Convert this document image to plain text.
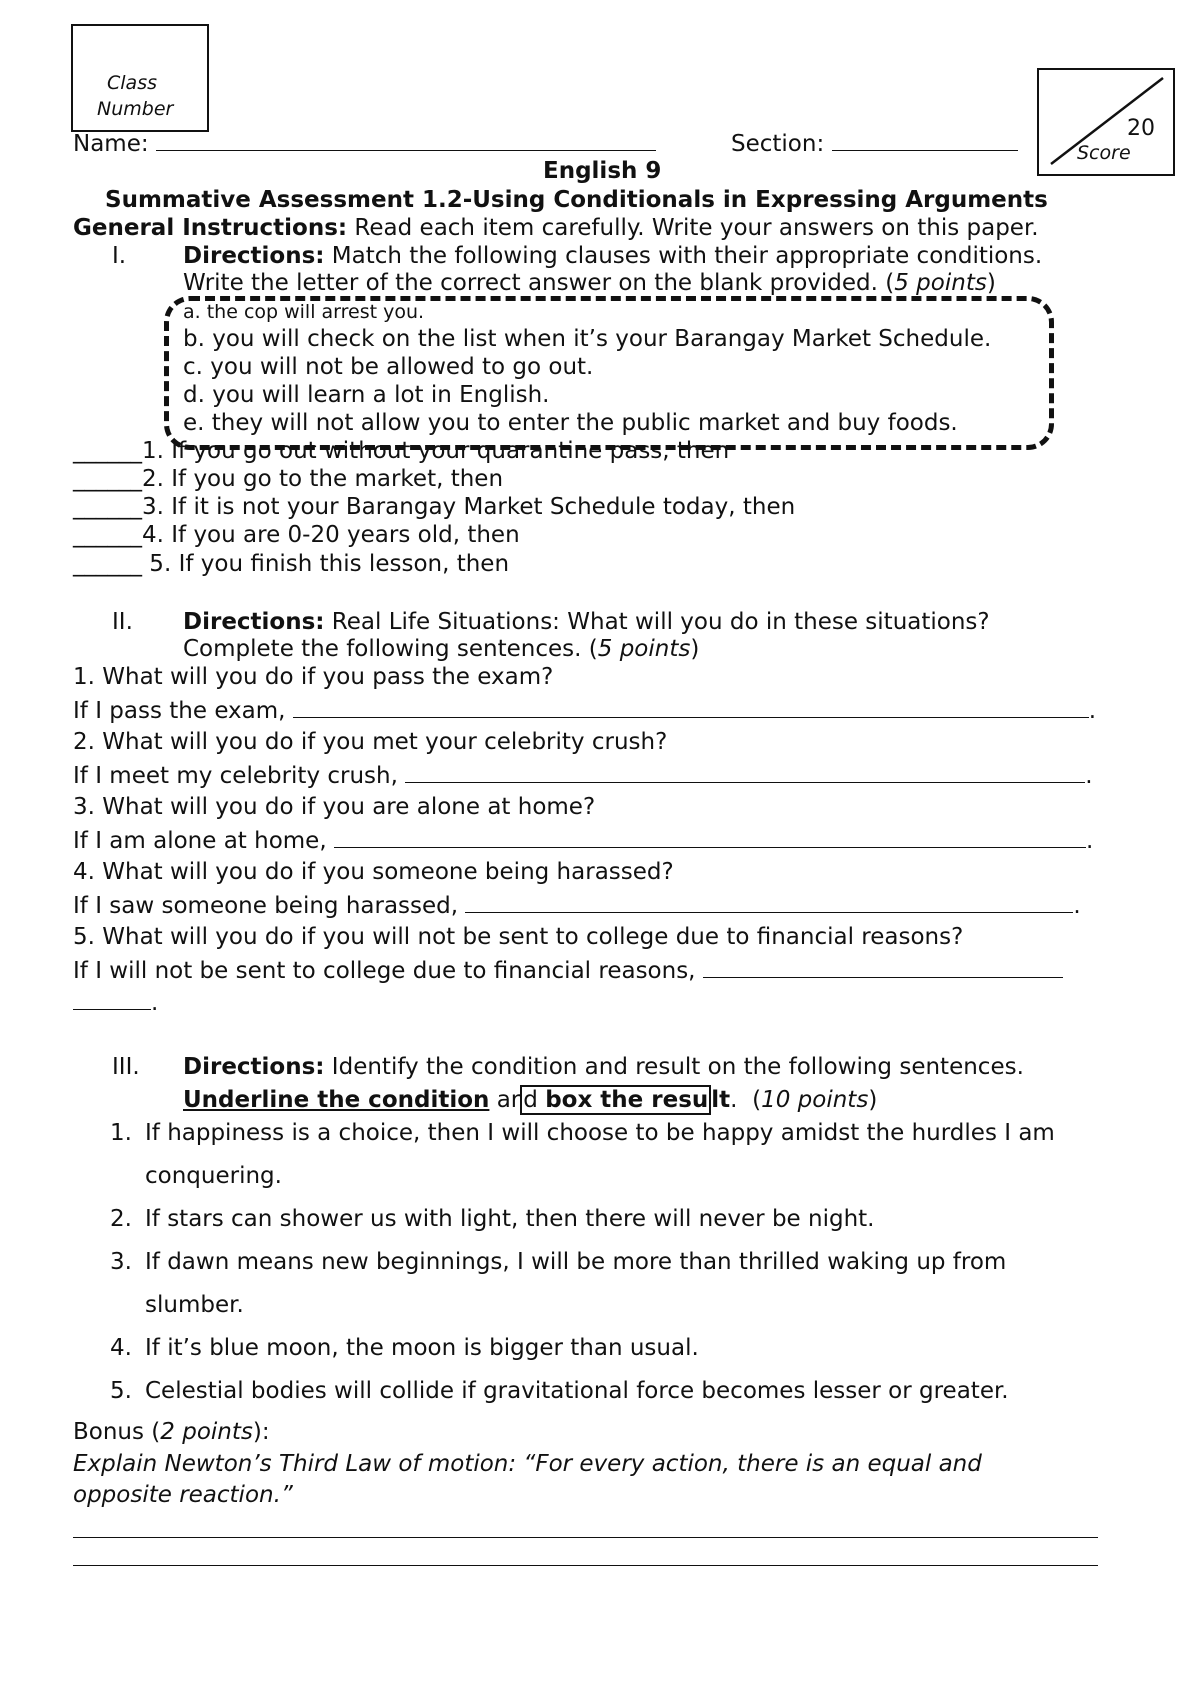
Class
Number
20
Score
Name:	Section:
English 9
Summative Assessment 1.2-Using Conditionals in Expressing Arguments
General Instructions: Read each item carefully. Write your answers on this paper.
I. Directions: Match the following clauses with their appropriate conditions.
Write the letter of the correct answer on the blank provided. (5 points)
a. the cop will arrest you.
b. you will check on the list when it’s your Barangay Market Schedule.
c. you will not be allowed to go out.
d. you will learn a lot in English.
e. they will not allow you to enter the public market and buy foods.
______1. If you go out without your quarantine pass, then
______2. If you go to the market, then
______3. If it is not your Barangay Market Schedule today, then
______4. If you are 0-20 years old, then
______ 5. If you finish this lesson, then
II. Directions: Real Life Situations: What will you do in these situations?
Complete the following sentences. (5 points)
1. What will you do if you pass the exam?
If I pass the exam,	.
2. What will you do if you met your celebrity crush?
If I meet my celebrity crush,	.
3. What will you do if you are alone at home?
If I am alone at home,	.
4. What will you do if you someone being harassed?
If I saw someone being harassed,	.
5. What will you do if you will not be sent to college due to financial reasons?
If I will not be sent to college due to financial reasons,
.
III. Directions: Identify the condition and result on the following sentences.
Underline the condition ar d box the resu lt.  (10 points)
1. If happiness is a choice, then I will choose to be happy amidst the hurdles I am
conquering.
2. If stars can shower us with light, then there will never be night.
3. If dawn means new beginnings, I will be more than thrilled waking up from
slumber.
4. If it’s blue moon, the moon is bigger than usual.
5. Celestial bodies will collide if gravitational force becomes lesser or greater.
Bonus (2 points):
Explain Newton’s Third Law of motion: “For every action, there is an equal and
opposite reaction.”
